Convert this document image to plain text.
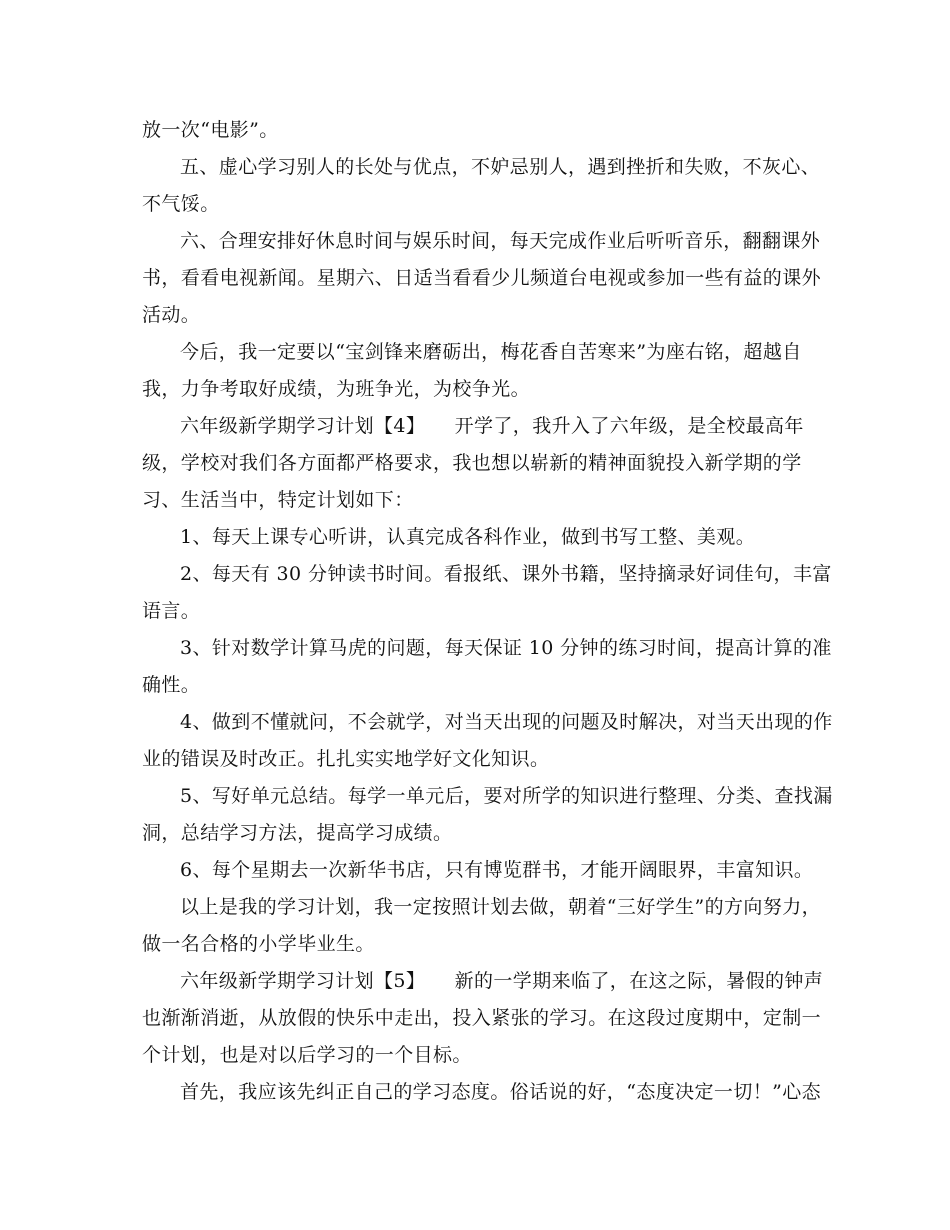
放一次“电影”。
五、虚心学习别人的长处与优点，不妒忌别人，遇到挫折和失败，不灰心、
不气馁。
六、合理安排好休息时间与娱乐时间，每天完成作业后听听音乐，翻翻课外
书，看看电视新闻。星期六、日适当看看少儿频道台电视或参加一些有益的课外
活动。
今后，我一定要以“宝剑锋来磨砺出，梅花香自苦寒来”为座右铭，超越自
我，力争考取好成绩，为班争光，为校争光。
六年级新学期学习计划【4】　　开学了，我升入了六年级，是全校最高年
级，学校对我们各方面都严格要求，我也想以崭新的精神面貌投入新学期的学
习、生活当中，特定计划如下：
1、每天上课专心听讲，认真完成各科作业，做到书写工整、美观。
2、每天有 30 分钟读书时间。看报纸、课外书籍，坚持摘录好词佳句，丰富
语言。
3、针对数学计算马虎的问题，每天保证 10 分钟的练习时间，提高计算的准
确性。
4、做到不懂就问，不会就学，对当天出现的问题及时解决，对当天出现的作
业的错误及时改正。扎扎实实地学好文化知识。
5、写好单元总结。每学一单元后，要对所学的知识进行整理、分类、查找漏
洞，总结学习方法，提高学习成绩。
6、每个星期去一次新华书店，只有博览群书，才能开阔眼界，丰富知识。
以上是我的学习计划，我一定按照计划去做，朝着“三好学生”的方向努力，
做一名合格的小学毕业生。
六年级新学期学习计划【5】　　新的一学期来临了，在这之际，暑假的钟声
也渐渐消逝，从放假的快乐中走出，投入紧张的学习。在这段过度期中，定制一
个计划，也是对以后学习的一个目标。
首先，我应该先纠正自己的学习态度。俗话说的好，“态度决定一切！”心态
